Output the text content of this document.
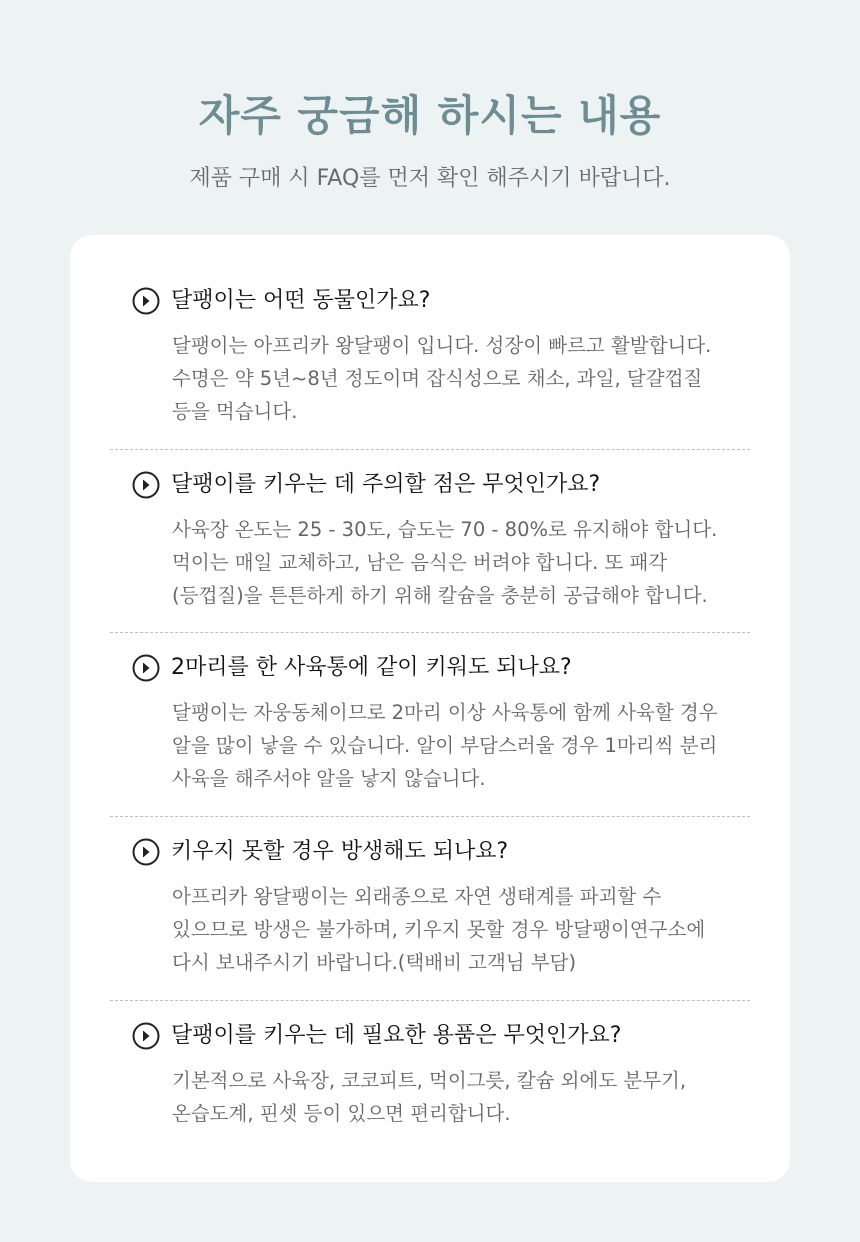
자주 궁금해 하시는 내용
제품 구매 시 FAQ를 먼저 확인 해주시기 바랍니다.
달팽이는 어떤 동물인가요?
달팽이는 아프리카 왕달팽이 입니다. 성장이 빠르고 활발합니다.
수명은 약 5년~8년 정도이며 잡식성으로 채소, 과일, 달걀껍질
등을 먹습니다.
달팽이를 키우는 데 주의할 점은 무엇인가요?
사육장 온도는 25 - 30도, 습도는 70 - 80%로 유지해야 합니다.
먹이는 매일 교체하고, 남은 음식은 버려야 합니다. 또 패각
(등껍질)을 튼튼하게 하기 위해 칼슘을 충분히 공급해야 합니다.
2마리를 한 사육통에 같이 키워도 되나요?
달팽이는 자웅동체이므로 2마리 이상 사육통에 함께 사육할 경우
알을 많이 낳을 수 있습니다. 알이 부담스러울 경우 1마리씩 분리
사육을 해주서야 알을 낳지 않습니다.
키우지 못할 경우 방생해도 되나요?
아프리카 왕달팽이는 외래종으로 자연 생태계를 파괴할 수
있으므로 방생은 불가하며, 키우지 못할 경우 방달팽이연구소에
다시 보내주시기 바랍니다.(택배비 고객님 부담)
달팽이를 키우는 데 필요한 용품은 무엇인가요?
기본적으로 사육장, 코코피트, 먹이그릇, 칼슘 외에도 분무기,
온습도계, 핀셋 등이 있으면 편리합니다.
